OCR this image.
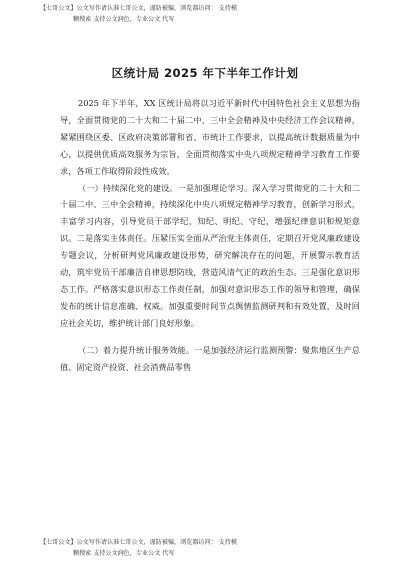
【七哥公文】公文写作请认准七哥公文，谨防被骗，浏览器访问： 支持模
糊搜索 支持公文润色，专业公文 代写
区统计局 2025 年下半年工作计划

2025 年下半年，XX 区统计局将以习近平新时代中国特色社会主义思想为指导，全面贯彻党的二十大和二十届二中、三中全会精神及中央经济工作会议精神，紧紧围绕区委、区政府决策部署和省、市统计工作要求，以提高统计数据质量为中心，以提供优质高效服务为宗旨，全面贯彻落实中央八项规定精神学习教育工作要求，各项工作取得阶段性成效。

（一）持续深化党的建设。一是加强理论学习。深入学习贯彻党的二十大和二十届二中、三中全会精神，持续深化中央八项规定精神学习教育，创新学习形式，丰富学习内容，引导党员干部学纪、知纪、明纪、守纪，增强纪律意识和规矩意识。二是落实主体责任。压紧压实全面从严治党主体责任，定期召开党风廉政建设专题会议，分析研判党风廉政建设形势，研究解决存在的问题，开展警示教育活动，筑牢党员干部廉洁自律思想防线，营造风清气正的政治生态。三是强化意识形态工作。严格落实意识形态工作责任制，加强对意识形态工作的领导和管理，确保发布的统计信息准确、权威。加强重要时间节点舆情监测研判和有效处置，及时回应社会关切，维护统计部门良好形象。

（二）着力提升统计服务效能。一是加强经济运行监测预警：聚焦地区生产总值、固定资产投资、社会消费品零售

【七哥公文】公文写作请认准七哥公文，谨防被骗，浏览器访问： 支持模
糊搜索 支持公文润色，专业公文 代写
